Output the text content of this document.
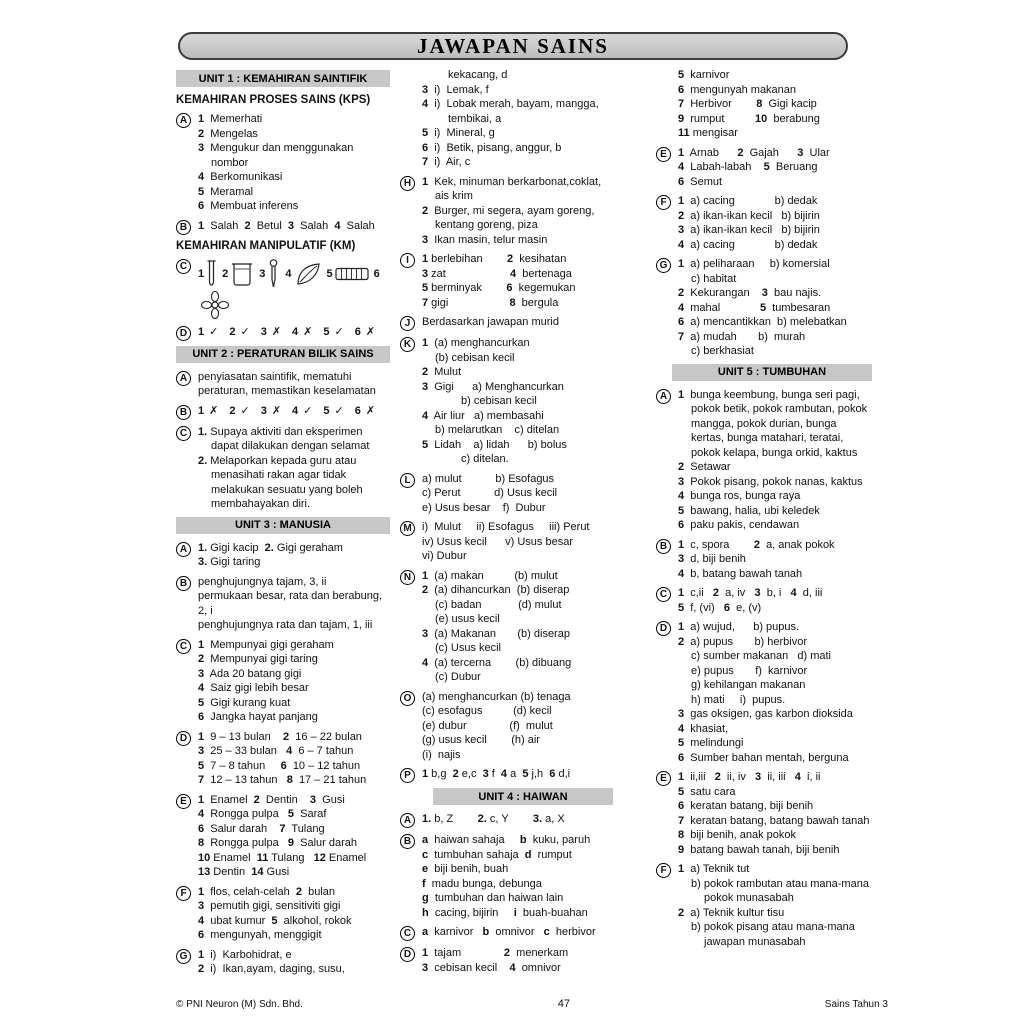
JAWAPAN SAINS
UNIT 1 : KEMAHIRAN SAINTIFIK
KEMAHIRAN PROSES SAINS (KPS)
A 1  Memerhati
2  Mengelas
3  Mengukur dan menggunakan
nombor
4  Berkomunikasi
5  Meramal
6  Membuat inferens
B 1  Salah  2  Betul  3  Salah  4  Salah
KEMAHIRAN MANIPULATIF (KM)
C
1 2	3 4	5	6
D 1 ✓ 2 ✓ 3 ✗ 4 ✗ 5 ✓ 6 ✗
UNIT 2 : PERATURAN BILIK SAINS
A penyiasatan saintifik, mematuhi
peraturan, memastikan keselamatan
B 1 ✗ 2 ✓ 3 ✗ 4 ✓ 5 ✓ 6 ✗
C 1. Supaya aktiviti dan eksperimen
dapat dilakukan dengan selamat
2. Melaporkan kepada guru atau
menasihati rakan agar tidak
melakukan sesuatu yang boleh
membahayakan diri.
UNIT 3 : MANUSIA
A 1. Gigi kacip  2. Gigi geraham
3. Gigi taring
B penghujungnya tajam, 3, ii
permukaan besar, rata dan berabung,
2, i
penghujungnya rata dan tajam, 1, iii
C 1  Mempunyai gigi geraham
2  Mempunyai gigi taring
3  Ada 20 batang gigi
4  Saiz gigi lebih besar
5  Gigi kurang kuat
6  Jangka hayat panjang
D 1  9 – 13 bulan    2  16 – 22 bulan
3  25 – 33 bulan   4  6 – 7 tahun
5  7 – 8 tahun     6  10 – 12 tahun
7  12 – 13 tahun   8  17 – 21 tahun
E	1  Enamel  2  Dentin    3  Gusi
4  Rongga pulpa   5  Saraf
6  Salur darah    7  Tulang
8  Rongga pulpa   9  Salur darah
10 Enamel  11 Tulang   12 Enamel
13 Dentin  14 Gusi
F	1  flos, celah-celah  2  bulan
3  pemutih gigi, sensitiviti gigi
4  ubat kumur  5  alkohol, rokok
6  mengunyah, menggigit
G 1  i)  Karbohidrat, e
2  i)  Ikan,ayam, daging, susu,
kekacang, d
3  i)  Lemak, f
4  i)  Lobak merah, bayam, mangga,
tembikai, a
5  i)  Mineral, g
6  i)  Betik, pisang, anggur, b
7  i)  Air, c
H 1  Kek, minuman berkarbonat,coklat,
ais krim
2  Burger, mi segera, ayam goreng,
kentang goreng, piza
3  Ikan masin, telur masin
I	1 berlebihan        2  kesihatan
3 zat                     4  bertenaga
5 berminyak        6  kegemukan
7 gigi                    8  bergula
J	Berdasarkan jawapan murid
K 1  (a) menghancurkan
(b) cebisan kecil
2  Mulut
3  Gigi      a) Menghancurkan
b) cebisan kecil
4  Air liur   a) membasahi
b) melarutkan    c) ditelan
5  Lidah    a) lidah      b) bolus
c) ditelan.
L	a) mulut           b) Esofagus
c) Perut           d) Usus kecil
e) Usus besar    f)  Dubur
M i)  Mulut     ii) Esofagus     iii) Perut
iv) Usus kecil      v) Usus besar
vi) Dubur
N 1  (a) makan          (b) mulut
2  (a) dihancurkan  (b) diserap
(c) badan            (d) mulut
(e) usus kecil
3  (a) Makanan       (b) diserap
(c) Usus kecil
4  (a) tercerna        (b) dibuang
(c) Dubur
O (a) menghancurkan (b) tenaga
(c) esofagus          (d) kecil
(e) dubur              (f)  mulut
(g) usus kecil        (h) air
(i)  najis
P	1 b,g  2 e,c  3 f  4 a  5 j,h  6 d,i
UNIT 4 : HAIWAN
A 1. b, Z        2. c, Y        3. a, X
B a  haiwan sahaja     b  kuku, paruh
c  tumbuhan sahaja  d  rumput
e  biji benih, buah
f  madu bunga, debunga
g  tumbuhan dan haiwan lain
h  cacing, bijirin     i  buah-buahan
C a  karnivor   b  omnivor   c  herbivor
D 1  tajam              2  menerkam
3  cebisan kecil    4  omnivor
5  karnivor
6  mengunyah makanan
7  Herbivor        8  Gigi kacip
9  rumput          10  berabung
11 mengisar
E	1  Arnab      2  Gajah      3  Ular
4  Labah-labah    5  Beruang
6  Semut
F	1  a) cacing             b) dedak
2  a) ikan-ikan kecil   b) bijirin
3  a) ikan-ikan kecil   b) bijirin
4  a) cacing             b) dedak
G 1  a) peliharaan     b) komersial
c) habitat
2  Kekurangan    3  bau najis.
4  mahal             5  tumbesaran
6  a) mencantikkan  b) melebatkan
7  a) mudah       b)  murah
c) berkhasiat
UNIT 5 : TUMBUHAN
A 1  bunga keembung, bunga seri pagi,
pokok betik, pokok rambutan, pokok
mangga, pokok durian, bunga
kertas, bunga matahari, teratai,
pokok kelapa, bunga orkid, kaktus
2  Setawar
3  Pokok pisang, pokok nanas, kaktus
4  bunga ros, bunga raya
5  bawang, halia, ubi keledek
6  paku pakis, cendawan
B 1  c, spora        2  a, anak pokok
3  d, biji benih
4  b, batang bawah tanah
C 1  c,ii   2  a, iv   3  b, i   4  d, iii
5  f, (vi)   6  e, (v)
D 1  a) wujud,      b) pupus.
2  a) pupus       b) herbivor
c) sumber makanan   d) mati
e) pupus       f)  karnivor
g) kehilangan makanan
h) mati     i)  pupus.
3  gas oksigen, gas karbon dioksida
4  khasiat,
5  melindungi
6  Sumber bahan mentah, berguna
E	1  ii,iii   2  ii, iv   3  ii, iii   4  i, ii
5  satu cara
6  keratan batang, biji benih
7  keratan batang, batang bawah tanah
8  biji benih, anak pokok
9  batang bawah tanah, biji benih
F	1  a) Teknik tut
b) pokok rambutan atau mana-mana
pokok munasabah
2  a) Teknik kultur tisu
b) pokok pisang atau mana-mana
jawapan munasabah
© PNI Neuron (M) Sdn. Bhd.	47	Sains Tahun 3
